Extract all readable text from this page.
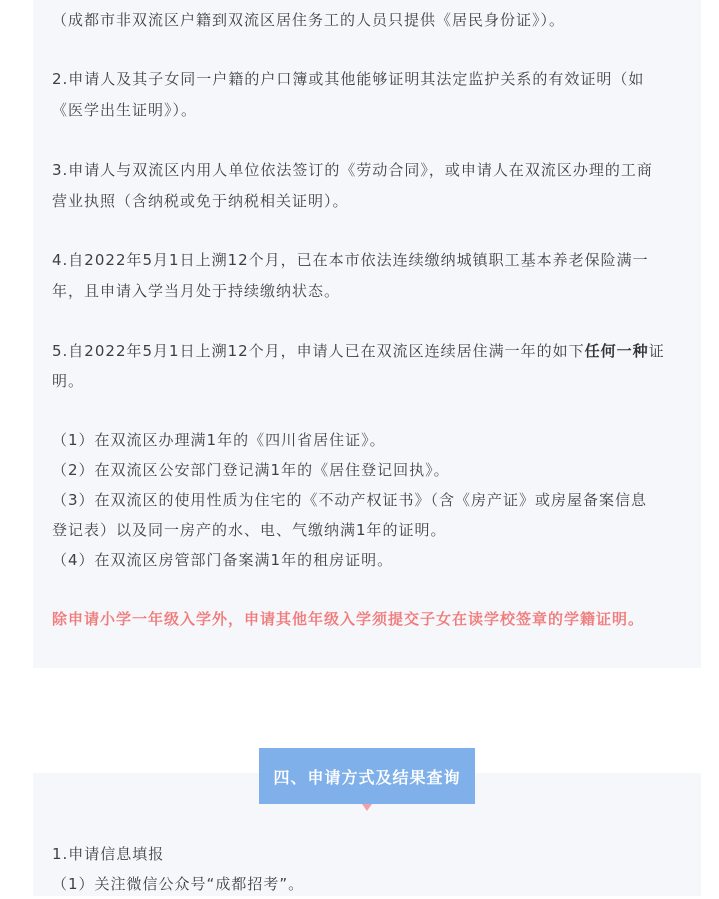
（成都市非双流区户籍到双流区居住务工的人员只提供《居民身份证》）。

2.申请人及其子女同一户籍的户口簿或其他能够证明其法定监护关系的有效证明（如

《医学出生证明》）。

3.申请人与双流区内用人单位依法签订的《劳动合同》，或申请人在双流区办理的工商

营业执照（含纳税或免于纳税相关证明）。

4.自2022年5月1日上溯12个月，已在本市依法连续缴纳城镇职工基本养老保险满一

年，且申请入学当月处于持续缴纳状态。

5.自2022年5月1日上溯12个月，申请人已在双流区连续居住满一年的如下任何一种证

明。

（1）在双流区办理满1年的《四川省居住证》。

（2）在双流区公安部门登记满1年的《居住登记回执》。

（3）在双流区的使用性质为住宅的《不动产权证书》（含《房产证》或房屋备案信息

登记表）以及同一房产的水、电、气缴纳满1年的证明。

（4）在双流区房管部门备案满1年的租房证明。

除申请小学一年级入学外，申请其他年级入学须提交子女在读学校签章的学籍证明。

四、申请方式及结果查询

1.申请信息填报

（1）关注微信公众号“成都招考”。
